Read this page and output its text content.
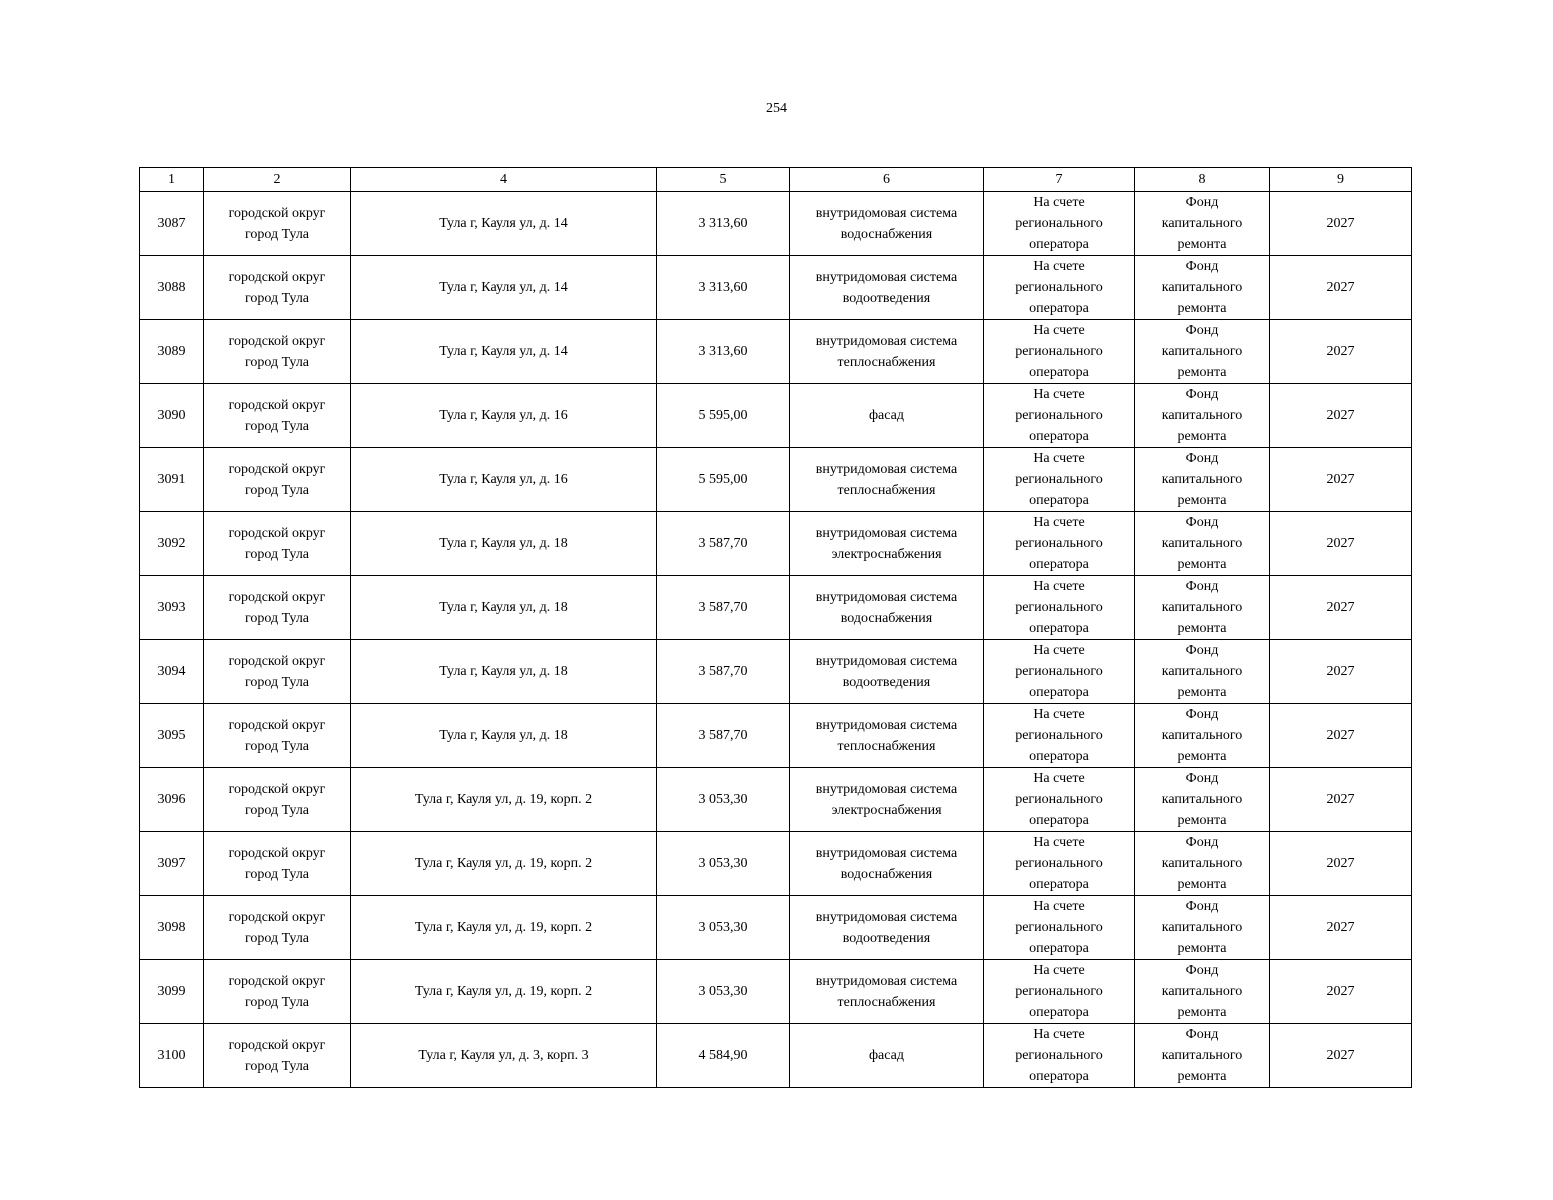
254
1	2	4	5	6	7	8	9

3087	городской округ город Тула	Тула г, Кауля ул, д. 14	3 313,60	внутридомовая система водоснабжения	На счете регионального оператора	Фонд капитального ремонта	2027

3088	городской округ город Тула	Тула г, Кауля ул, д. 14	3 313,60	внутридомовая система водоотведения	На счете регионального оператора	Фонд капитального ремонта	2027

3089	городской округ город Тула	Тула г, Кауля ул, д. 14	3 313,60	внутридомовая система теплоснабжения	На счете регионального оператора	Фонд капитального ремонта	2027

3090	городской округ город Тула	Тула г, Кауля ул, д. 16	5 595,00	фасад	На счете регионального оператора	Фонд капитального ремонта	2027

3091	городской округ город Тула	Тула г, Кауля ул, д. 16	5 595,00	внутридомовая система теплоснабжения	На счете регионального оператора	Фонд капитального ремонта	2027

3092	городской округ город Тула	Тула г, Кауля ул, д. 18	3 587,70	внутридомовая система электроснабжения	На счете регионального оператора	Фонд капитального ремонта	2027

3093	городской округ город Тула	Тула г, Кауля ул, д. 18	3 587,70	внутридомовая система водоснабжения	На счете регионального оператора	Фонд капитального ремонта	2027

3094	городской округ город Тула	Тула г, Кауля ул, д. 18	3 587,70	внутридомовая система водоотведения	На счете регионального оператора	Фонд капитального ремонта	2027

3095	городской округ город Тула	Тула г, Кауля ул, д. 18	3 587,70	внутридомовая система теплоснабжения	На счете регионального оператора	Фонд капитального ремонта	2027

3096	городской округ город Тула	Тула г, Кауля ул, д. 19, корп. 2	3 053,30	внутридомовая система электроснабжения	На счете регионального оператора	Фонд капитального ремонта	2027

3097	городской округ город Тула	Тула г, Кауля ул, д. 19, корп. 2	3 053,30	внутридомовая система водоснабжения	На счете регионального оператора	Фонд капитального ремонта	2027

3098	городской округ город Тула	Тула г, Кауля ул, д. 19, корп. 2	3 053,30	внутридомовая система водоотведения	На счете регионального оператора	Фонд капитального ремонта	2027

3099	городской округ город Тула	Тула г, Кауля ул, д. 19, корп. 2	3 053,30	внутридомовая система теплоснабжения	На счете регионального оператора	Фонд капитального ремонта	2027

3100	городской округ город Тула	Тула г, Кауля ул, д. 3, корп. 3	4 584,90	фасад	На счете регионального оператора	Фонд капитального ремонта	2027
